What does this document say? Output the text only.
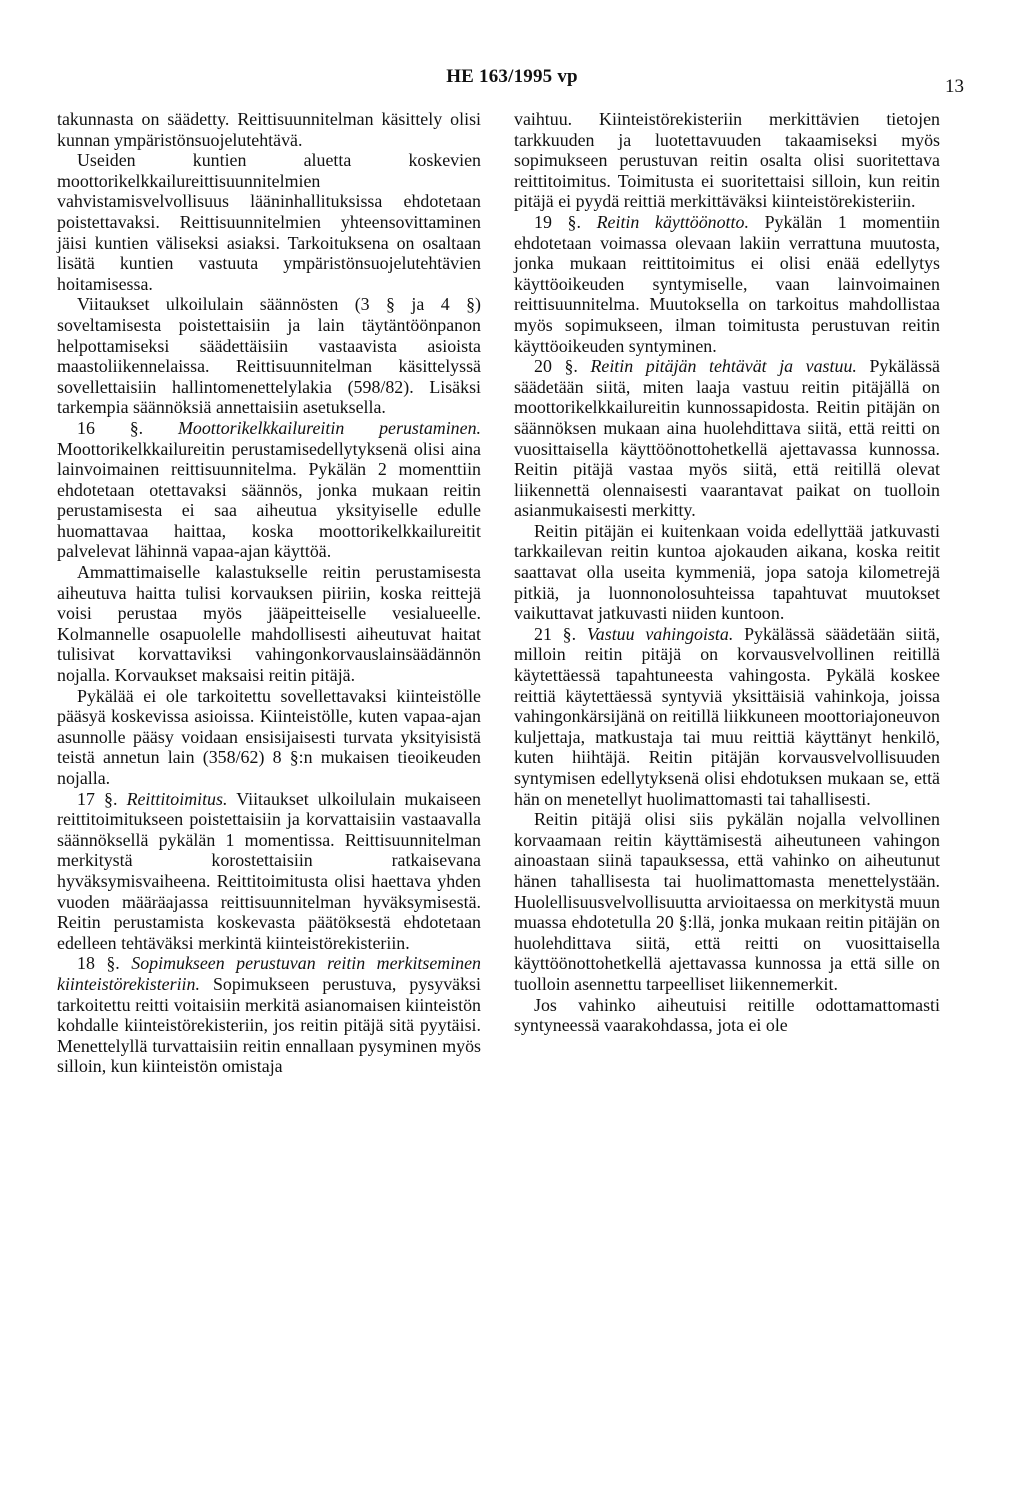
HE 163/1995 vp	13

takunnasta on säädetty. Reittisuunnitelman käsittely olisi kunnan ympäristönsuojelutehtävä.

Useiden kuntien aluetta koskevien moottorikelkkailureittisuunnitelmien vahvistamisvelvollisuus lääninhallituksissa ehdotetaan poistettavaksi. Reittisuunnitelmien yhteensovittaminen jäisi kuntien väliseksi asiaksi. Tarkoituksena on osaltaan lisätä kuntien vastuuta ympäristönsuojelutehtävien hoitamisessa.

Viitaukset ulkoilulain säännösten (3 § ja 4 §) soveltamisesta poistettaisiin ja lain täytäntöönpanon helpottamiseksi säädettäisiin vastaavista asioista maastoliikennelaissa. Reittisuunnitelman käsittelyssä sovellettaisiin hallintomenettelylakia (598/82). Lisäksi tarkempia säännöksiä annettaisiin asetuksella.

16 §. Moottorikelkkailureitin perustaminen. Moottorikelkkailureitin perustamisedellytyksenä olisi aina lainvoimainen reittisuunnitelma. Pykälän 2 momenttiin ehdotetaan otettavaksi säännös, jonka mukaan reitin perustamisesta ei saa aiheutua yksityiselle edulle huomattavaa haittaa, koska moottorikelkkailureitit palvelevat lähinnä vapaa-ajan käyttöä.

Ammattimaiselle kalastukselle reitin perustamisesta aiheutuva haitta tulisi korvauksen piiriin, koska reittejä voisi perustaa myös jääpeitteiselle vesialueelle. Kolmannelle osapuolelle mahdollisesti aiheutuvat haitat tulisivat korvattaviksi vahingonkorvauslainsäädännön nojalla. Korvaukset maksaisi reitin pitäjä.

Pykälää ei ole tarkoitettu sovellettavaksi kiinteistölle pääsyä koskevissa asioissa. Kiinteistölle, kuten vapaa-ajan asunnolle pääsy voidaan ensisijaisesti turvata yksityisistä teistä annetun lain (358/62) 8 §:n mukaisen tieoikeuden nojalla.

17 §. Reittitoimitus. Viitaukset ulkoilulain mukaiseen reittitoimitukseen poistettaisiin ja korvattaisiin vastaavalla säännöksellä pykälän 1 momentissa. Reittisuunnitelman merkitystä korostettaisiin ratkaisevana hyväksymisvaiheena. Reittitoimitusta olisi haettava yhden vuoden määräajassa reittisuunnitelman hyväksymisestä. Reitin perustamista koskevasta päätöksestä ehdotetaan edelleen tehtäväksi merkintä kiinteistörekisteriin.

18 §. Sopimukseen perustuvan reitin merkitseminen kiinteistörekisteriin. Sopimukseen perustuva, pysyväksi tarkoitettu reitti voitaisiin merkitä asianomaisen kiinteistön kohdalle kiinteistörekisteriin, jos reitin pitäjä sitä pyytäisi. Menettelyllä turvattaisiin reitin ennallaan pysyminen myös silloin, kun kiinteistön omistaja

vaihtuu. Kiinteistörekisteriin merkittävien tietojen tarkkuuden ja luotettavuuden takaamiseksi myös sopimukseen perustuvan reitin osalta olisi suoritettava reittitoimitus. Toimitusta ei suoritettaisi silloin, kun reitin pitäjä ei pyydä reittiä merkittäväksi kiinteistörekisteriin.

19 §. Reitin käyttöönotto. Pykälän 1 momentiin ehdotetaan voimassa olevaan lakiin verrattuna muutosta, jonka mukaan reittitoimitus ei olisi enää edellytys käyttöoikeuden syntymiselle, vaan lainvoimainen reittisuunnitelma. Muutoksella on tarkoitus mahdollistaa myös sopimukseen, ilman toimitusta perustuvan reitin käyttöoikeuden syntyminen.

20 §. Reitin pitäjän tehtävät ja vastuu. Pykälässä säädetään siitä, miten laaja vastuu reitin pitäjällä on moottorikelkkailureitin kunnossapidosta. Reitin pitäjän on säännöksen mukaan aina huolehdittava siitä, että reitti on vuosittaisella käyttöönottohetkellä ajettavassa kunnossa. Reitin pitäjä vastaa myös siitä, että reitillä olevat liikennettä olennaisesti vaarantavat paikat on tuolloin asianmukaisesti merkitty.

Reitin pitäjän ei kuitenkaan voida edellyttää jatkuvasti tarkkailevan reitin kuntoa ajokauden aikana, koska reitit saattavat olla useita kymmeniä, jopa satoja kilometrejä pitkiä, ja luonnonolosuhteissa tapahtuvat muutokset vaikuttavat jatkuvasti niiden kuntoon.

21 §. Vastuu vahingoista. Pykälässä säädetään siitä, milloin reitin pitäjä on korvausvelvollinen reitillä käytettäessä tapahtuneesta vahingosta. Pykälä koskee reittiä käytettäessä syntyviä yksittäisiä vahinkoja, joissa vahingonkärsijänä on reitillä liikkuneen moottoriajoneuvon kuljettaja, matkustaja tai muu reittiä käyttänyt henkilö, kuten hiihtäjä. Reitin pitäjän korvausvelvollisuuden syntymisen edellytyksenä olisi ehdotuksen mukaan se, että hän on menetellyt huolimattomasti tai tahallisesti.

Reitin pitäjä olisi siis pykälän nojalla velvollinen korvaamaan reitin käyttämisestä aiheutuneen vahingon ainoastaan siinä tapauksessa, että vahinko on aiheutunut hänen tahallisesta tai huolimattomasta menettelystään. Huolellisuusvelvollisuutta arvioitaessa on merkitystä muun muassa ehdotetulla 20 §:llä, jonka mukaan reitin pitäjän on huolehdittava siitä, että reitti on vuosittaisella käyttöönottohetkellä ajettavassa kunnossa ja että sille on tuolloin asennettu tarpeelliset liikennemerkit.

Jos vahinko aiheutuisi reitille odottamattomasti syntyneessä vaarakohdassa, jota ei ole
